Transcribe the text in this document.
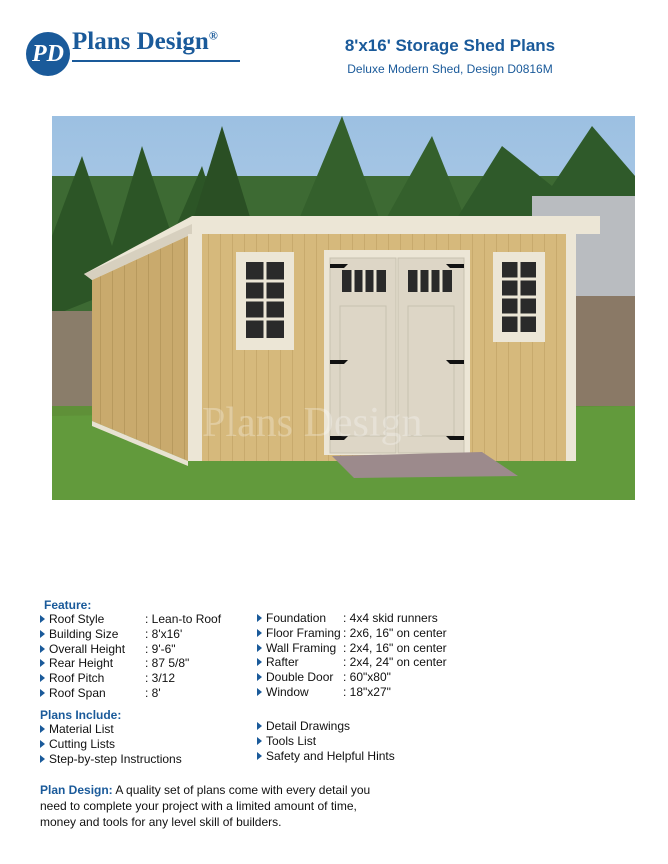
PD Plans Design®
8'x16' Storage Shed Plans
Deluxe Modern Shed, Design D0816M
Plans Design
Feature:
Roof Style	: Lean-to Roof
Building Size : 8'x16'
Overall Height : 9'-6"
Rear Height	: 87 5/8"
Roof Pitch	: 3/12
Roof Span	: 8'
Foundation : 4x4 skid runners
Floor Framing : 2x6, 16" on center
Wall Framing : 2x4, 16" on center
Rafter	: 2x4, 24" on center
Double Door : 60"x80"
Window	: 18"x27"
Plans Include:
Material List
Cutting Lists
Step-by-step Instructions
Detail Drawings
Tools List
Safety and Helpful Hints
Plan Design: A quality set of plans come with every detail you need to complete your project with a limited amount of time, money and tools for any level skill of builders.
